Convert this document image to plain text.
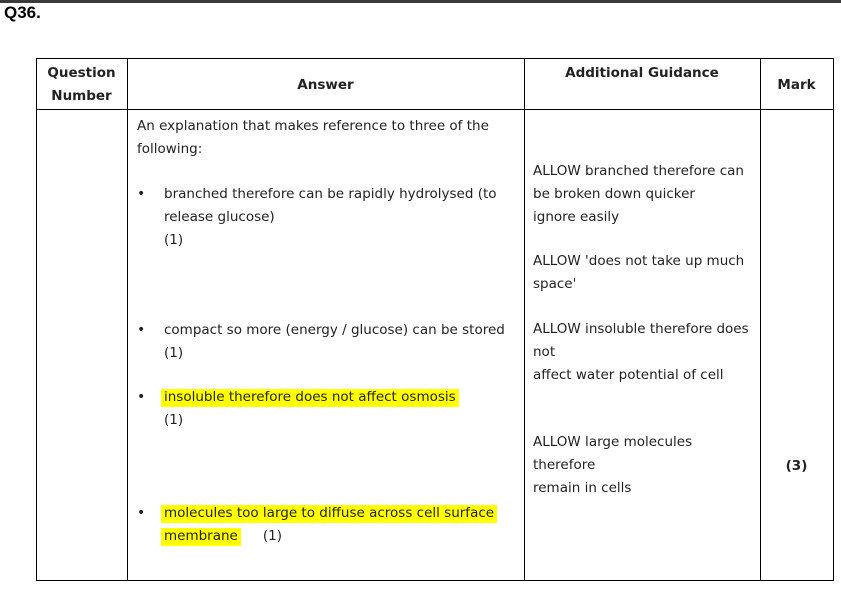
Q36.
Question
Number
Answer
Additional Guidance
Mark
An explanation that makes reference to three of the
following:
• branched therefore can be rapidly hydrolysed (to
release glucose)
(1)
• compact so more (energy / glucose) can be stored
(1)
• insoluble therefore does not affect osmosis
(1)
• molecules too large to diffuse across cell surface
membrane (1)
ALLOW branched therefore can
be broken down quicker
ignore easily
ALLOW 'does not take up much
space'
ALLOW insoluble therefore does
not
affect water potential of cell
ALLOW large molecules
therefore
remain in cells
(3)
